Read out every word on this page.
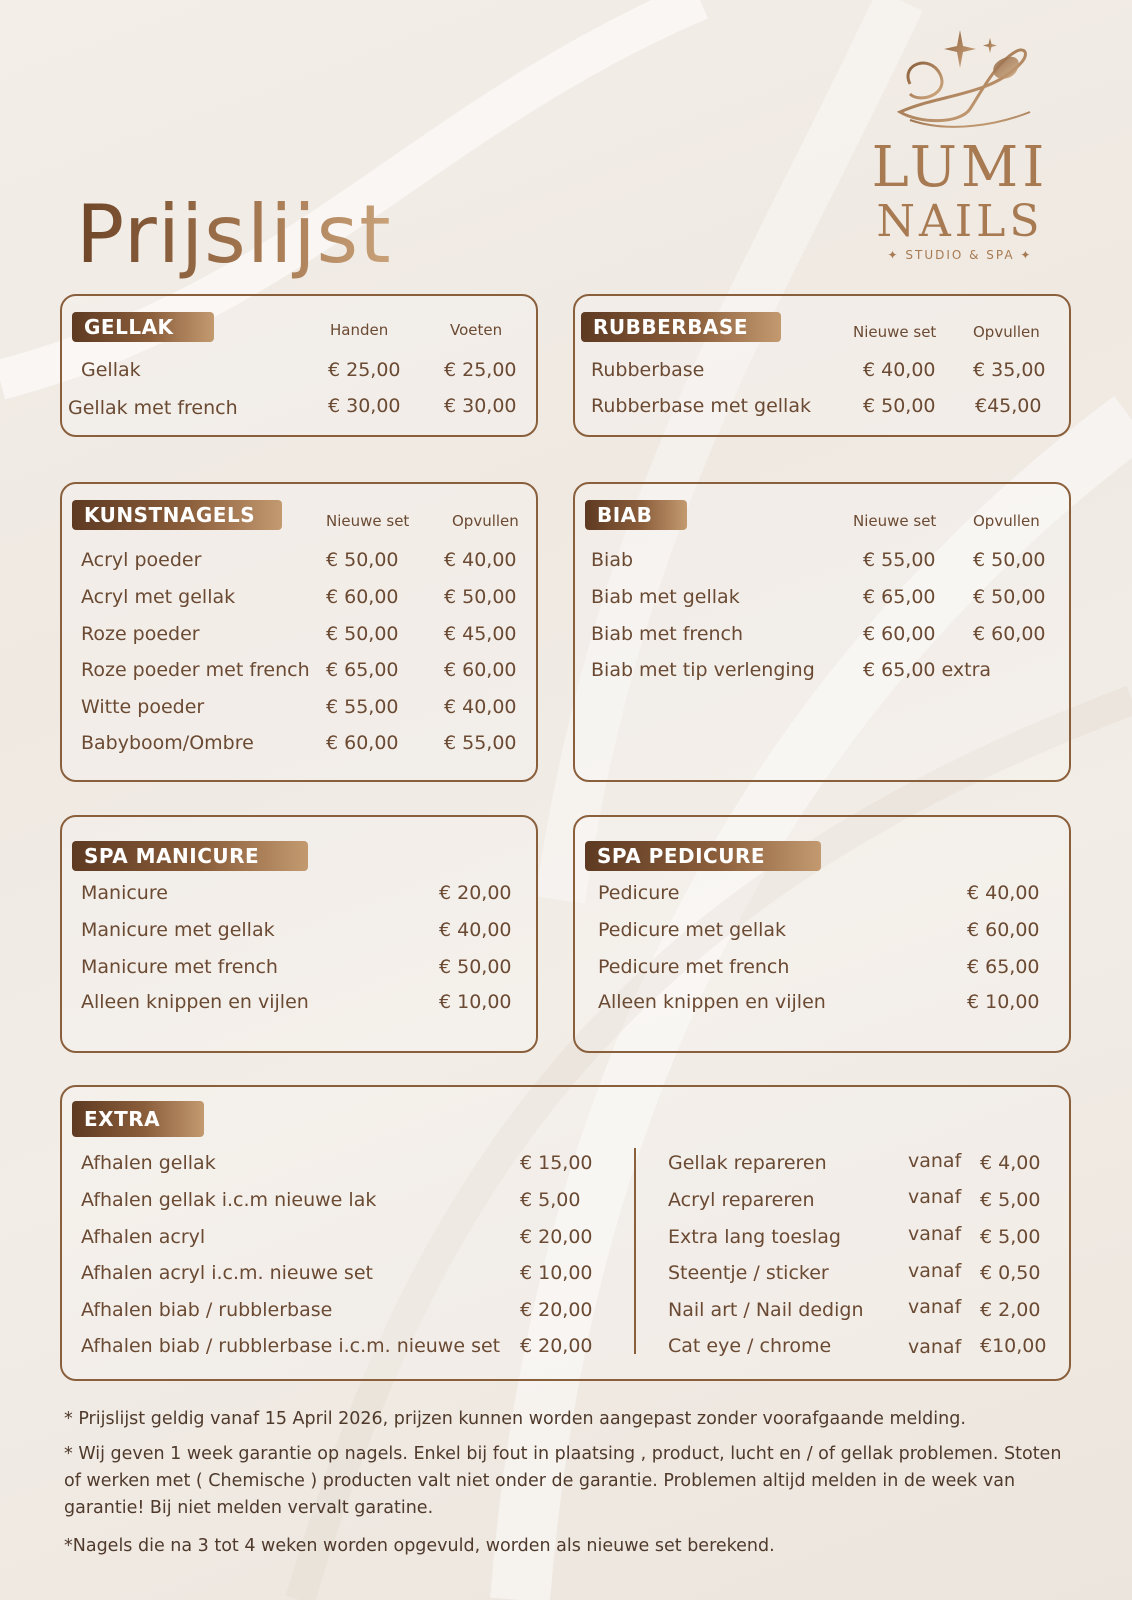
Prijslijst
LUMI
NAILS
✦ STUDIO & SPA ✦
GELLAK	Handen	Voeten
Gellak	€ 25,00 € 25,00
Gellak met french	€ 30,00 € 30,00
RUBBERBASE	Nieuwe set Opvullen
Rubberbase	€ 40,00 € 35,00
Rubberbase met gellak	€ 50,00 €45,00
KUNSTNAGELS	Nieuwe set	Opvullen
Acryl poeder	€ 50,00 € 40,00
Acryl met gellak	€ 60,00 € 50,00
Roze poeder	€ 50,00 € 45,00
Roze poeder met french € 65,00 € 60,00
Witte poeder	€ 55,00 € 40,00
Babyboom/Ombre	€ 60,00 € 55,00
BIAB	Nieuwe set Opvullen
Biab	€ 55,00 € 50,00
Biab met gellak	€ 65,00 € 50,00
Biab met french	€ 60,00 € 60,00
Biab met tip verlenging	€ 65,00 extra
SPA MANICURE
Manicure	€ 20,00
Manicure met gellak	€ 40,00
Manicure met french	€ 50,00
Alleen knippen en vijlen	€ 10,00
SPA PEDICURE
Pedicure	€ 40,00
Pedicure met gellak	€ 60,00
Pedicure met french	€ 65,00
Alleen knippen en vijlen	€ 10,00
EXTRA
Afhalen gellak	€ 15,00
Afhalen gellak i.c.m nieuwe lak	€ 5,00
Afhalen acryl	€ 20,00
Afhalen acryl i.c.m. nieuwe set	€ 10,00
Afhalen biab / rubblerbase	€ 20,00
Afhalen biab / rubblerbase i.c.m. nieuwe set € 20,00
Gellak repareren	vanaf € 4,00
Acryl repareren	vanaf € 5,00
Extra lang toeslag	vanaf € 5,00
Steentje / sticker	vanaf € 0,50
Nail art / Nail dedign vanaf € 2,00
Cat eye / chrome	vanaf €10,00
* Prijslijst geldig vanaf 15 April 2026, prijzen kunnen worden aangepast zonder voorafgaande melding.
* Wij geven 1 week garantie op nagels. Enkel bij fout in plaatsing , product, lucht en / of gellak problemen. Stoten of werken met ( Chemische ) producten valt niet onder de garantie. Problemen altijd melden in de week van garantie! Bij niet melden vervalt garatine.
*Nagels die na 3 tot 4 weken worden opgevuld, worden als nieuwe set berekend.
